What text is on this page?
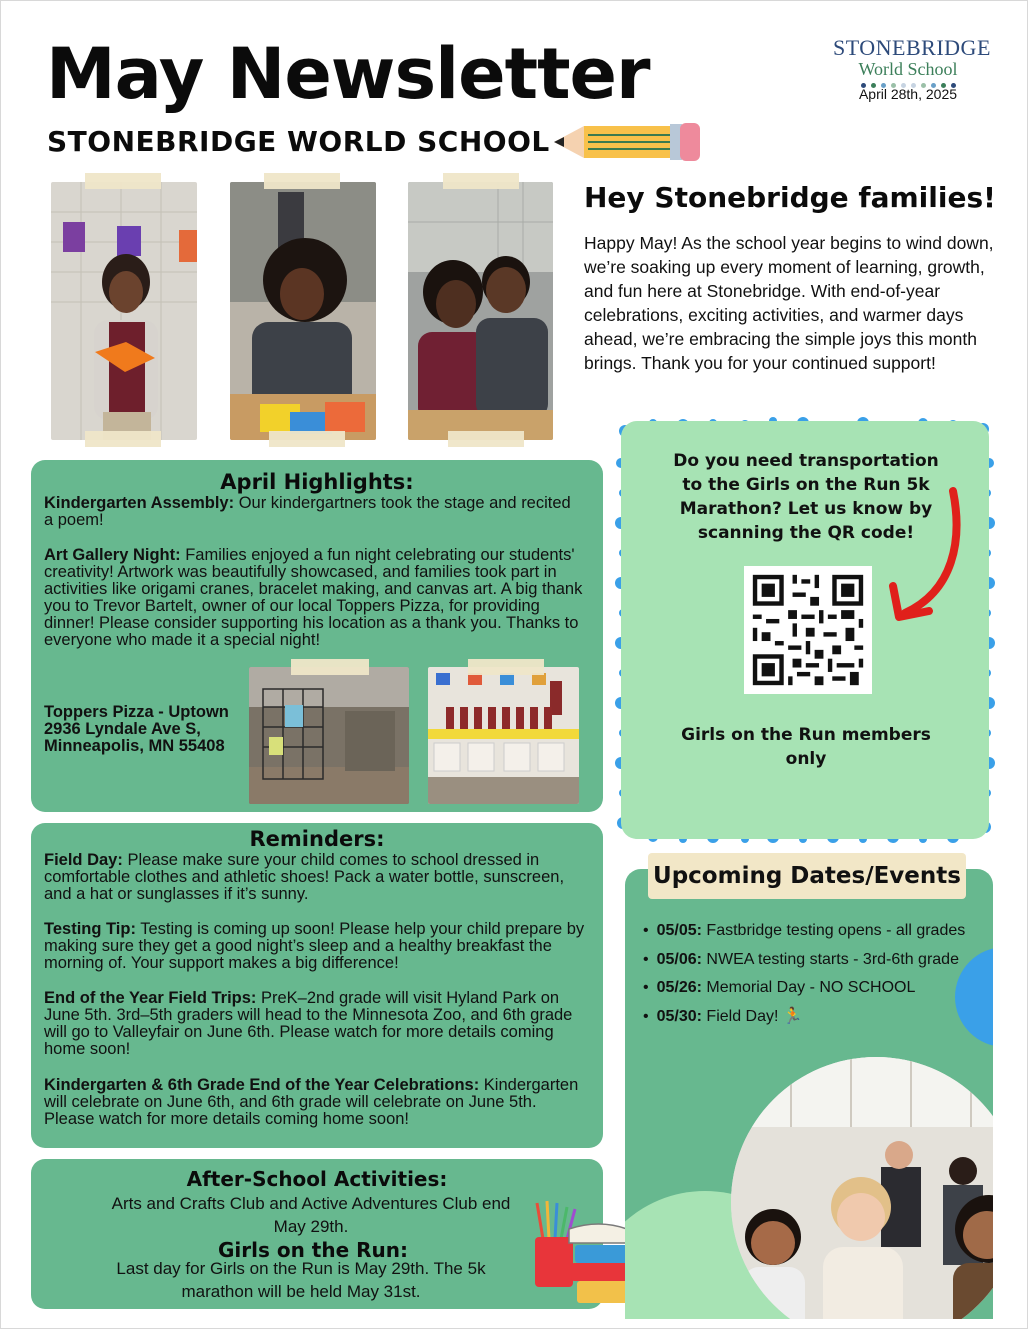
May Newsletter
STONEBRIDGE WORLD SCHOOL
STONEBRIDGE
World School
April 28th, 2025
Hey Stonebridge families!
Happy May! As the school year begins to wind down, we’re soaking up every moment of learning, growth, and fun here at Stonebridge. With end-of-year celebrations, exciting activities, and warmer days ahead, we’re embracing the simple joys this month brings. Thank you for your continued support!
April Highlights:
Kindergarten Assembly: Our kindergartners took the stage and recited a poem!
Art Gallery Night: Families enjoyed a fun night celebrating our students' creativity! Artwork was beautifully showcased, and families took part in activities like origami cranes, bracelet making, and canvas art. A big thank you to Trevor Bartelt, owner of our local Toppers Pizza, for providing dinner! Please consider supporting his location as a thank you. Thanks to everyone who made it a special night!
Toppers Pizza - Uptown
2936 Lyndale Ave S,
Minneapolis, MN 55408
Reminders:
Field Day: Please make sure your child comes to school dressed in comfortable clothes and athletic shoes! Pack a water bottle, sunscreen, and a hat or sunglasses if it’s sunny.
Testing Tip: Testing is coming up soon! Please help your child prepare by making sure they get a good night’s sleep and a healthy breakfast the morning of. Your support makes a big difference!
End of the Year Field Trips: PreK–2nd grade will visit Hyland Park on June 5th. 3rd–5th graders will head to the Minnesota Zoo, and 6th grade will go to Valleyfair on June 6th. Please watch for more details coming home soon!
Kindergarten & 6th Grade End of the Year Celebrations: Kindergarten will celebrate on June 6th, and 6th grade will celebrate on June 5th. Please watch for more details coming home soon!
After-School Activities:
Arts and Crafts Club and Active Adventures Club end May 29th.
Girls on the Run:
Last day for Girls on the Run is May 29th. The 5k marathon will be held May 31st.
Do you need transportation to the Girls on the Run 5k Marathon? Let us know by scanning the QR code!
Girls on the Run members only
• 05/05: Fastbridge testing opens - all grades
• 05/06: NWEA testing starts - 3rd-6th grade
• 05/26: Memorial Day - NO SCHOOL
• 05/30: Field Day! 🏃
Upcoming Dates/Events
